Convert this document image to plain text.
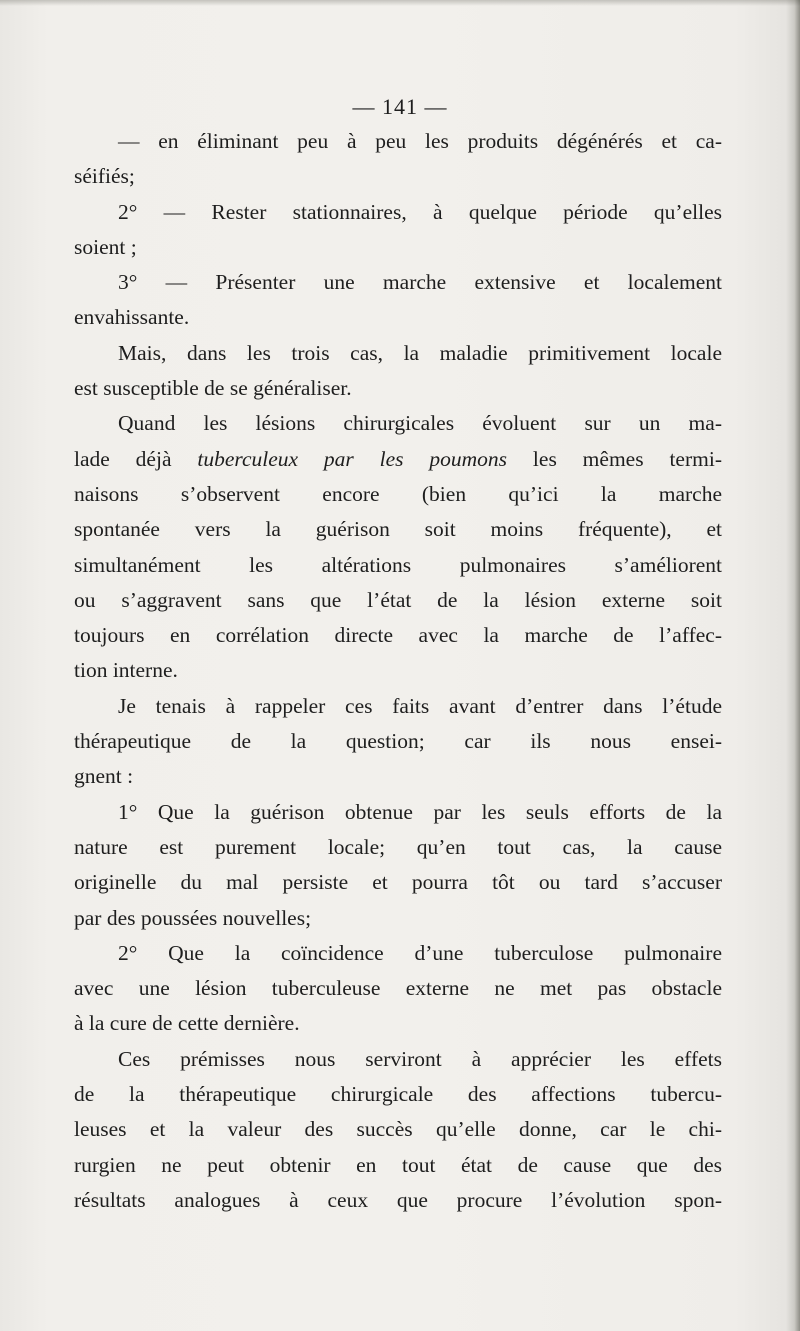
— 141 —
— en éliminant peu à peu les produits dégénérés et ca-
séifiés;
2° — Rester stationnaires, à quelque période qu’elles
soient ;
3° — Présenter une marche extensive et localement
envahissante.
Mais, dans les trois cas, la maladie primitivement locale
est susceptible de se généraliser.
Quand les lésions chirurgicales évoluent sur un ma-
lade déjà tuberculeux par les poumons les mêmes termi-
naisons s’observent encore (bien qu’ici la marche
spontanée vers la guérison soit moins fréquente), et
simultanément les altérations pulmonaires s’améliorent
ou s’aggravent sans que l’état de la lésion externe soit
toujours en corrélation directe avec la marche de l’affec-
tion interne.
Je tenais à rappeler ces faits avant d’entrer dans l’étude
thérapeutique de la question; car ils nous ensei-
gnent :
1° Que la guérison obtenue par les seuls efforts de la
nature est purement locale; qu’en tout cas, la cause
originelle du mal persiste et pourra tôt ou tard s’accuser
par des poussées nouvelles;
2° Que la coïncidence d’une tuberculose pulmonaire
avec une lésion tuberculeuse externe ne met pas obstacle
à la cure de cette dernière.
Ces prémisses nous serviront à apprécier les effets
de la thérapeutique chirurgicale des affections tubercu-
leuses et la valeur des succès qu’elle donne, car le chi-
rurgien ne peut obtenir en tout état de cause que des
résultats analogues à ceux que procure l’évolution spon-
